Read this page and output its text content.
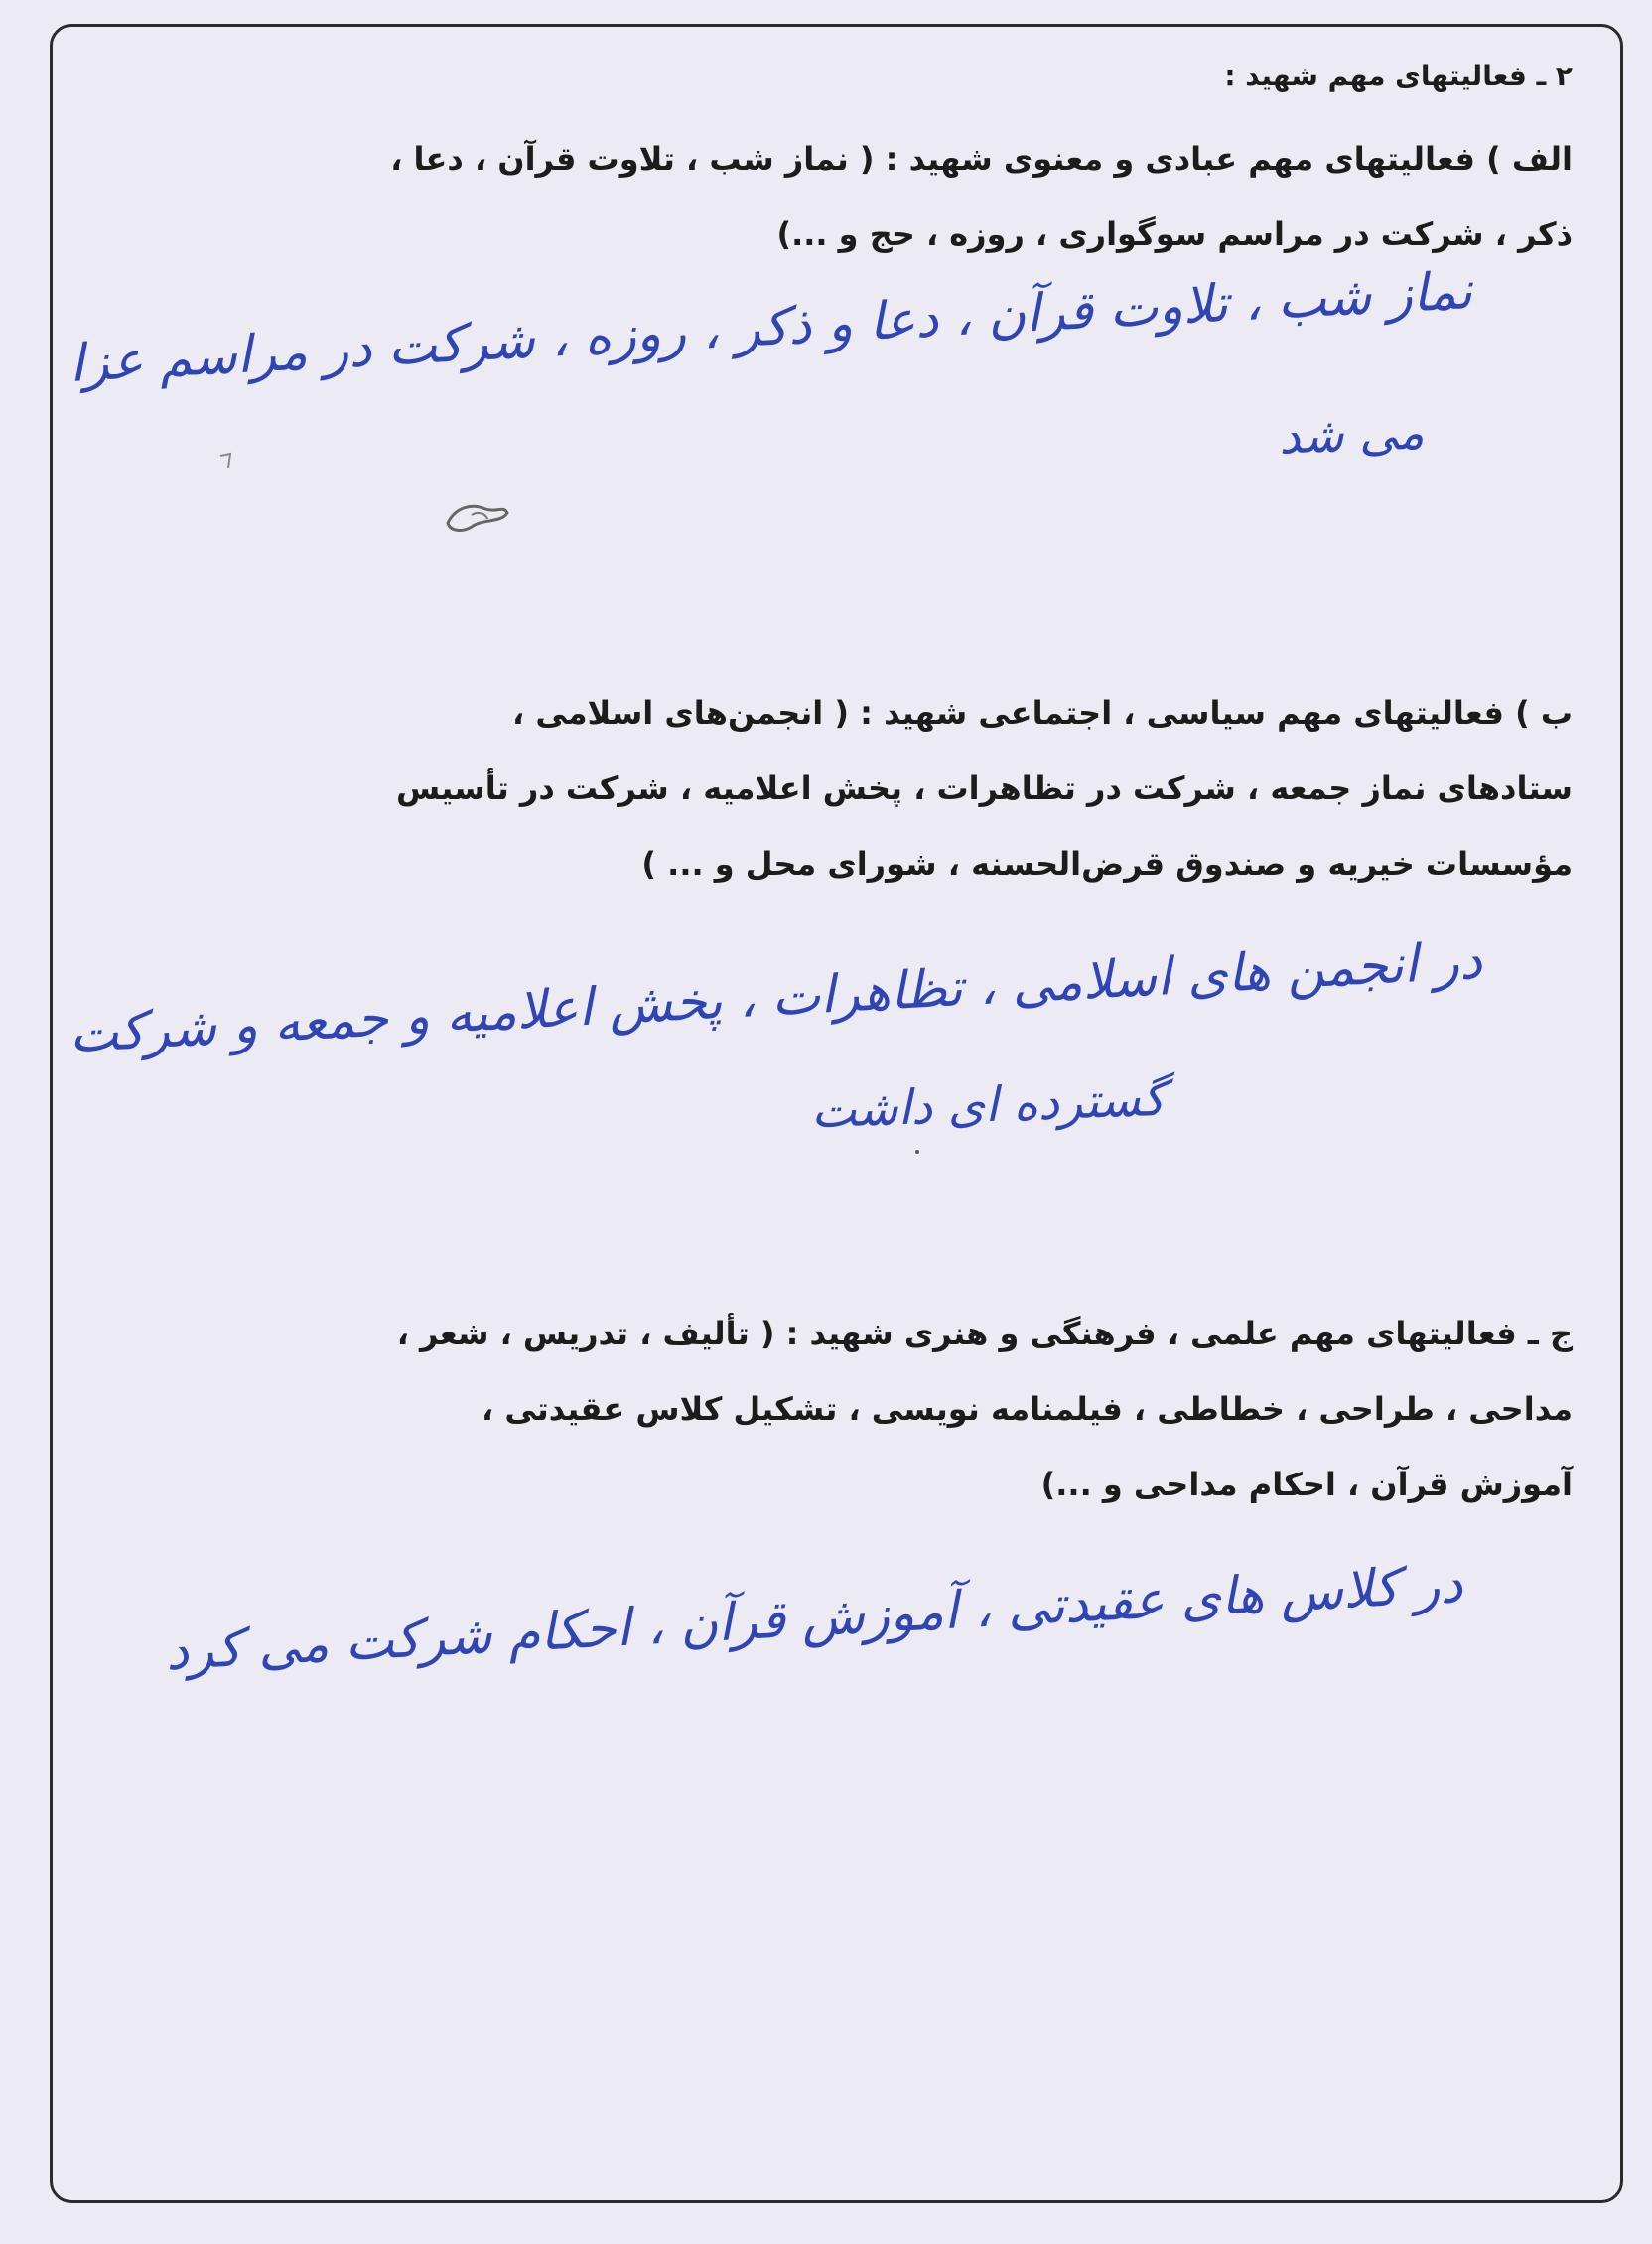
۲ ـ فعالیتهای مهم شهید :

الف ) فعالیتهای مهم عبادی و معنوی شهید : ( نماز شب ، تلاوت قرآن ، دعا ،
ذکر ، شرکت در مراسم سوگواری ، روزه ، حج و ...)

نماز شب ، تلاوت قرآن ، دعا و ذکر ، روزه ، شرکت در مراسم عزا

می شد

ب ) فعالیتهای مهم سیاسی ، اجتماعی شهید : ( انجمن‌های اسلامی ،
ستادهای نماز جمعه ، شرکت در تظاهرات ، پخش اعلامیه ، شرکت در تأسیس
مؤسسات خیریه و صندوق قرض‌الحسنه ، شورای محل و ... )

در انجمن های اسلامی ، تظاهرات ، پخش اعلامیه و جمعه و شرکت

گسترده ای داشت

ج ـ فعالیتهای مهم علمی ، فرهنگی و هنری شهید : ( تألیف ، تدریس ، شعر ،
مداحی ، طراحی ، خطاطی ، فیلمنامه نویسی ، تشکیل کلاس عقیدتی ،
آموزش قرآن ، احکام مداحی و ...)

در کلاس های عقیدتی ، آموزش قرآن ، احکام شرکت می کرد
